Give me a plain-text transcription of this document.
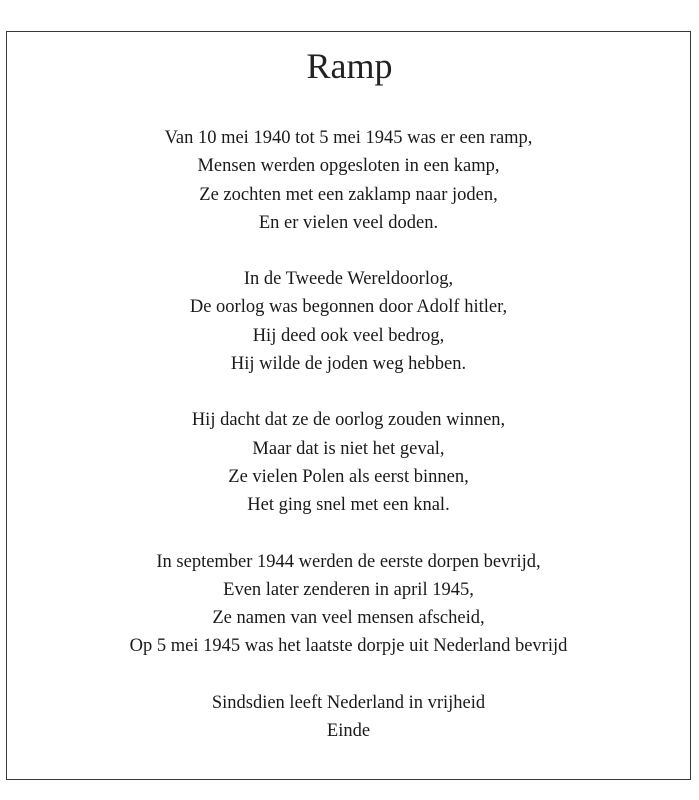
Ramp
Van 10 mei 1940 tot 5 mei 1945 was er een ramp,
Mensen werden opgesloten in een kamp,
Ze zochten met een zaklamp naar joden,
En er vielen veel doden.
In de Tweede Wereldoorlog,
De oorlog was begonnen door Adolf hitler,
Hij deed ook veel bedrog,
Hij wilde de joden weg hebben.
Hij dacht dat ze de oorlog zouden winnen,
Maar dat is niet het geval,
Ze vielen Polen als eerst binnen,
Het ging snel met een knal.
In september 1944 werden de eerste dorpen bevrijd,
Even later zenderen in april 1945,
Ze namen van veel mensen afscheid,
Op 5 mei 1945 was het laatste dorpje uit Nederland bevrijd
Sindsdien leeft Nederland in vrijheid
Einde
